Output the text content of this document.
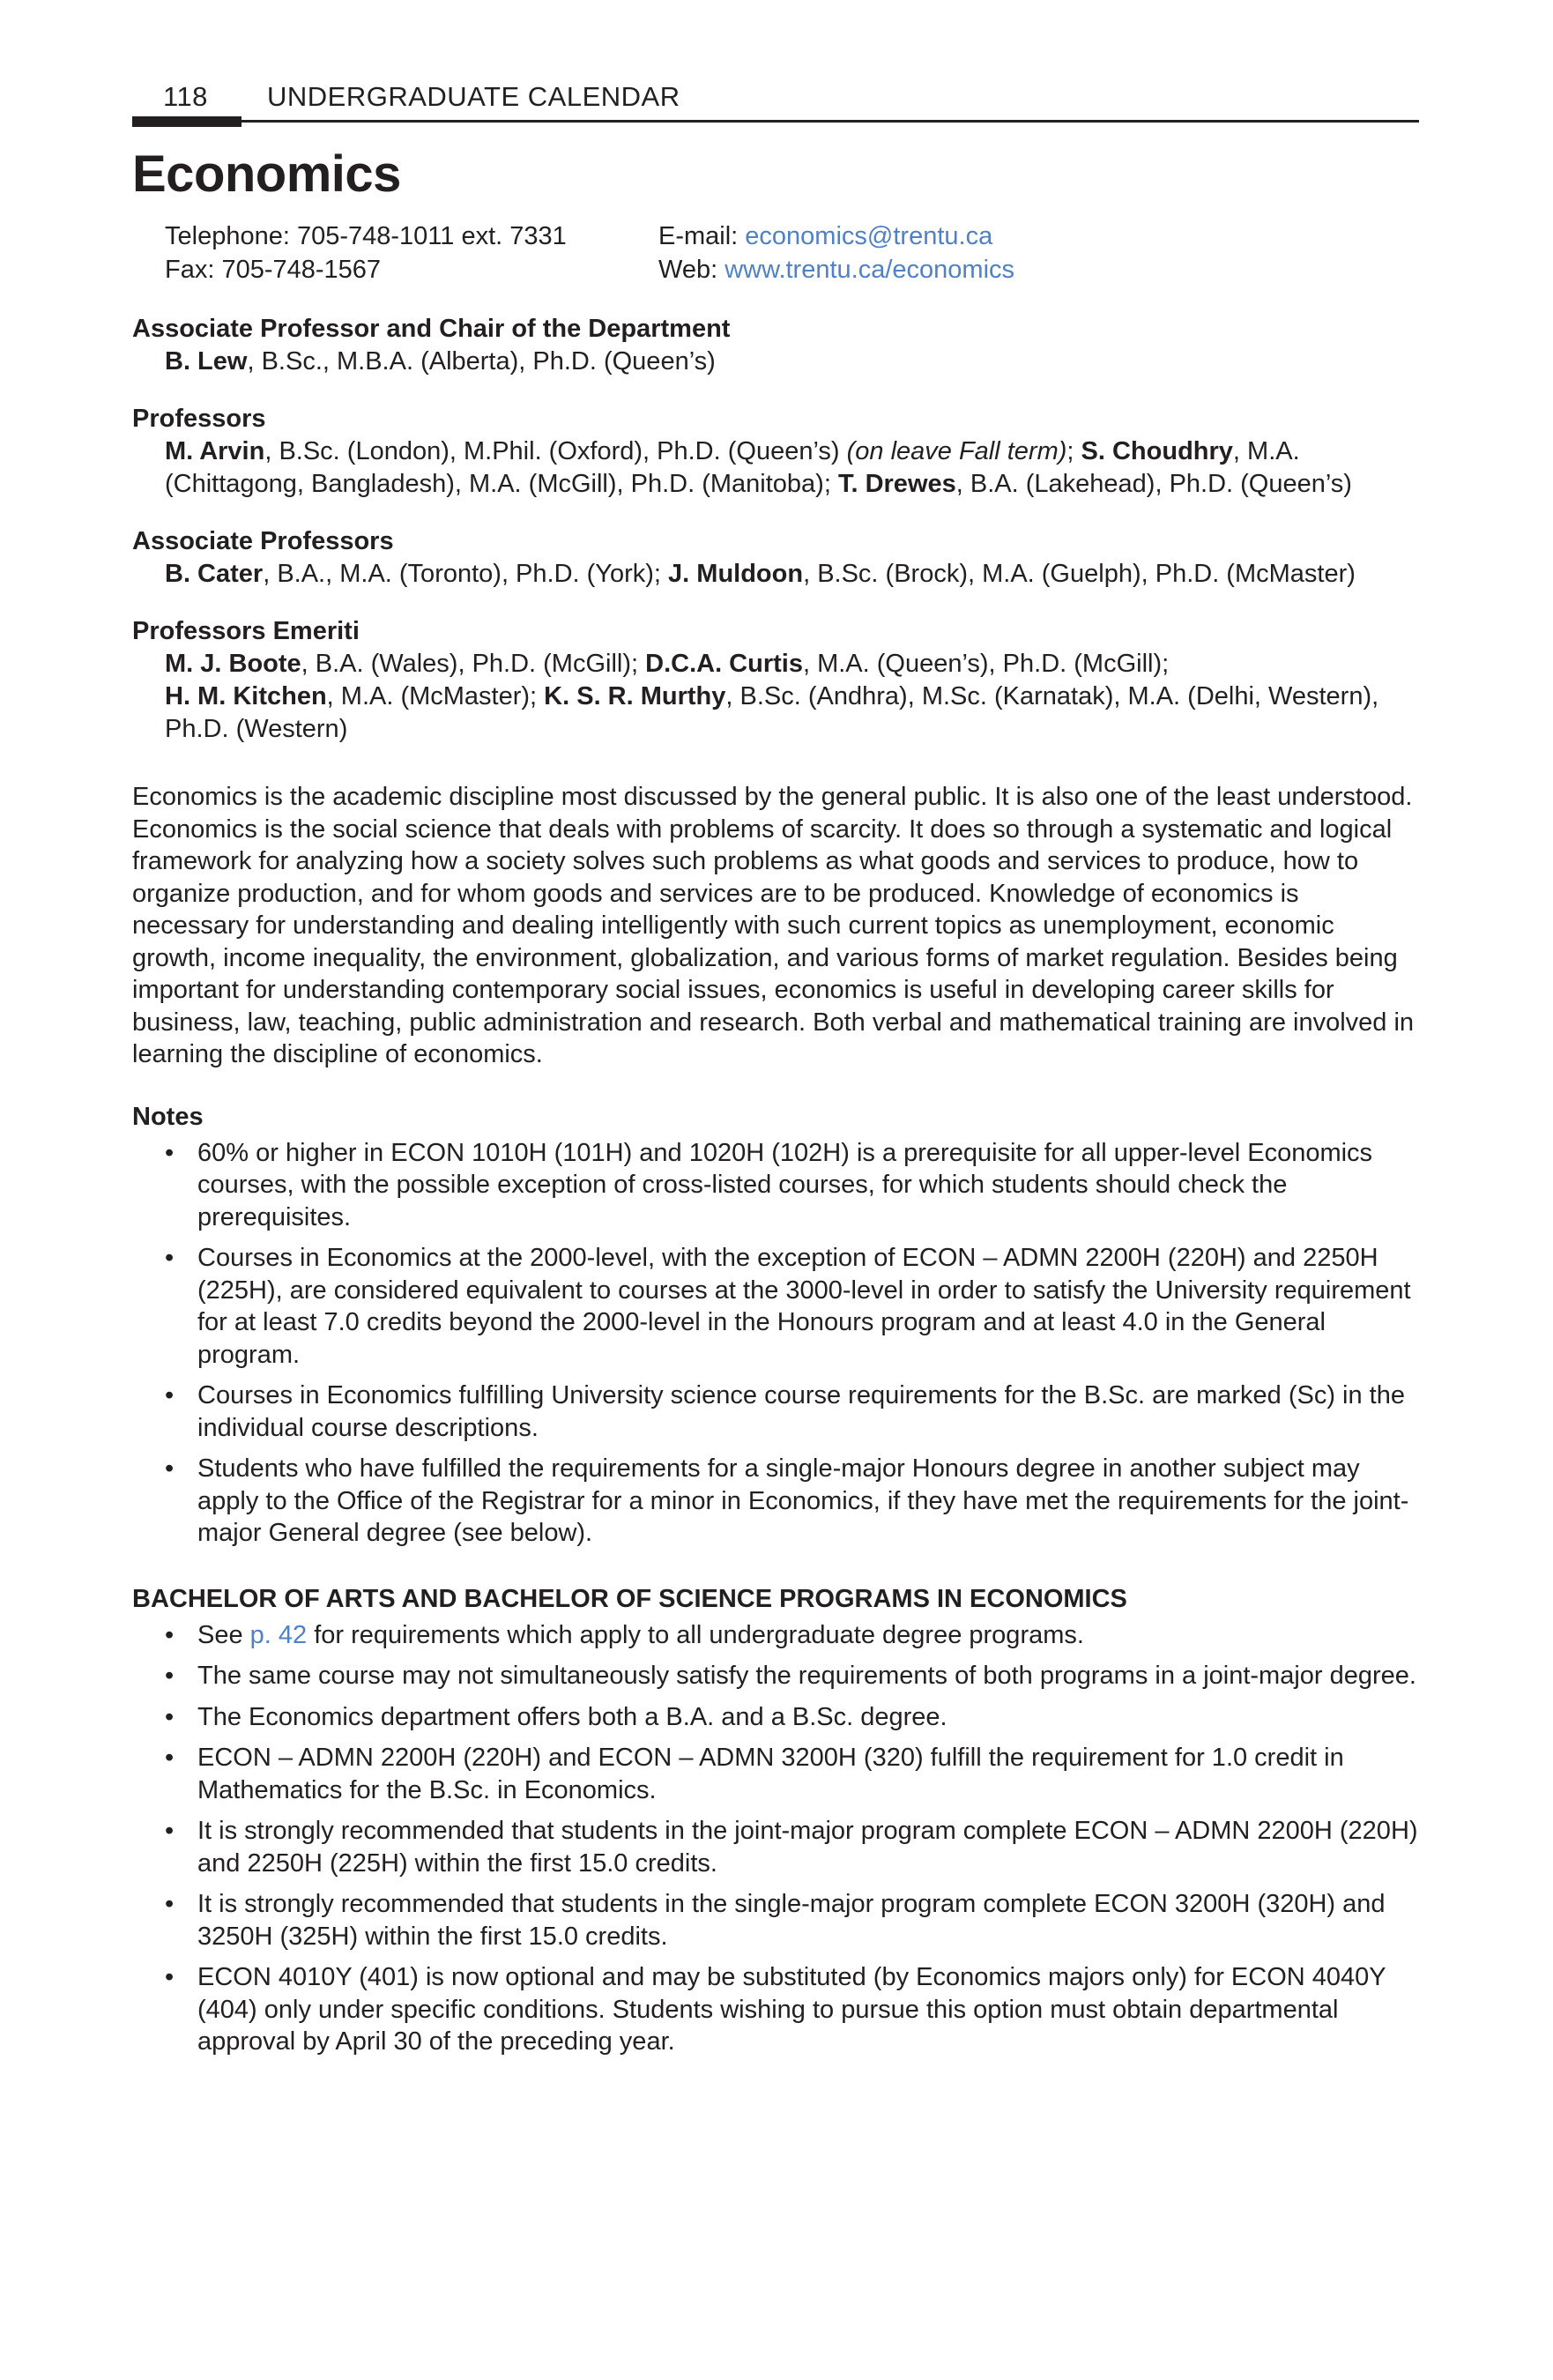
118	UNDERGRADUATE CALENDAR
Economics
Telephone: 705-748-1011 ext. 7331	E-mail: economics@trentu.ca
Fax: 705-748-1567	Web: www.trentu.ca/economics
Associate Professor and Chair of the Department
B. Lew, B.Sc., M.B.A. (Alberta), Ph.D. (Queen’s)
Professors
M. Arvin, B.Sc. (London), M.Phil. (Oxford), Ph.D. (Queen’s) (on leave Fall term); S. Choudhry, M.A. (Chittagong, Bangladesh), M.A. (McGill), Ph.D. (Manitoba); T. Drewes, B.A. (Lakehead), Ph.D. (Queen’s)
Associate Professors
B. Cater, B.A., M.A. (Toronto), Ph.D. (York); J. Muldoon, B.Sc. (Brock), M.A. (Guelph), Ph.D. (McMaster)
Professors Emeriti
M. J. Boote, B.A. (Wales), Ph.D. (McGill); D.C.A. Curtis, M.A. (Queen’s), Ph.D. (McGill);
H. M. Kitchen, M.A. (McMaster); K. S. R. Murthy, B.Sc. (Andhra), M.Sc. (Karnatak), M.A. (Delhi, Western), Ph.D. (Western)

Economics is the academic discipline most discussed by the general public. It is also one of the least understood. Economics is the social science that deals with problems of scarcity. It does so through a systematic and logical framework for analyzing how a society solves such problems as what goods and services to produce, how to organize production, and for whom goods and services are to be produced. Knowledge of economics is necessary for understanding and dealing intelligently with such current topics as unemployment, economic growth, income inequality, the environment, globalization, and various forms of market regulation. Besides being important for understanding contemporary social issues, economics is useful in developing career skills for business, law, teaching, public administration and research. Both verbal and mathematical training are involved in learning the discipline of economics.

Notes
• 60% or higher in ECON 1010H (101H) and 1020H (102H) is a prerequisite for all upper-level Economics courses, with the possible exception of cross-listed courses, for which students should check the prerequisites.
• Courses in Economics at the 2000-level, with the exception of ECON – ADMN 2200H (220H) and 2250H (225H), are considered equivalent to courses at the 3000-level in order to satisfy the University requirement for at least 7.0 credits beyond the 2000-level in the Honours program and at least 4.0 in the General program.
• Courses in Economics fulfilling University science course requirements for the B.Sc. are marked (Sc) in the individual course descriptions.
• Students who have fulfilled the requirements for a single-major Honours degree in another subject may apply to the Office of the Registrar for a minor in Economics, if they have met the requirements for the joint-major General degree (see below).
BACHELOR OF ARTS AND BACHELOR OF SCIENCE PROGRAMS IN ECONOMICS
• See p. 42 for requirements which apply to all undergraduate degree programs.
• The same course may not simultaneously satisfy the requirements of both programs in a joint-major degree.
• The Economics department offers both a B.A. and a B.Sc. degree.
• ECON – ADMN 2200H (220H) and ECON – ADMN 3200H (320) fulfill the requirement for 1.0 credit in Mathematics for the B.Sc. in Economics.
• It is strongly recommended that students in the joint-major program complete ECON – ADMN 2200H (220H) and 2250H (225H) within the first 15.0 credits.
• It is strongly recommended that students in the single-major program complete ECON 3200H (320H) and 3250H (325H) within the first 15.0 credits.
• ECON 4010Y (401) is now optional and may be substituted (by Economics majors only) for ECON 4040Y (404) only under specific conditions. Students wishing to pursue this option must obtain departmental approval by April 30 of the preceding year.
